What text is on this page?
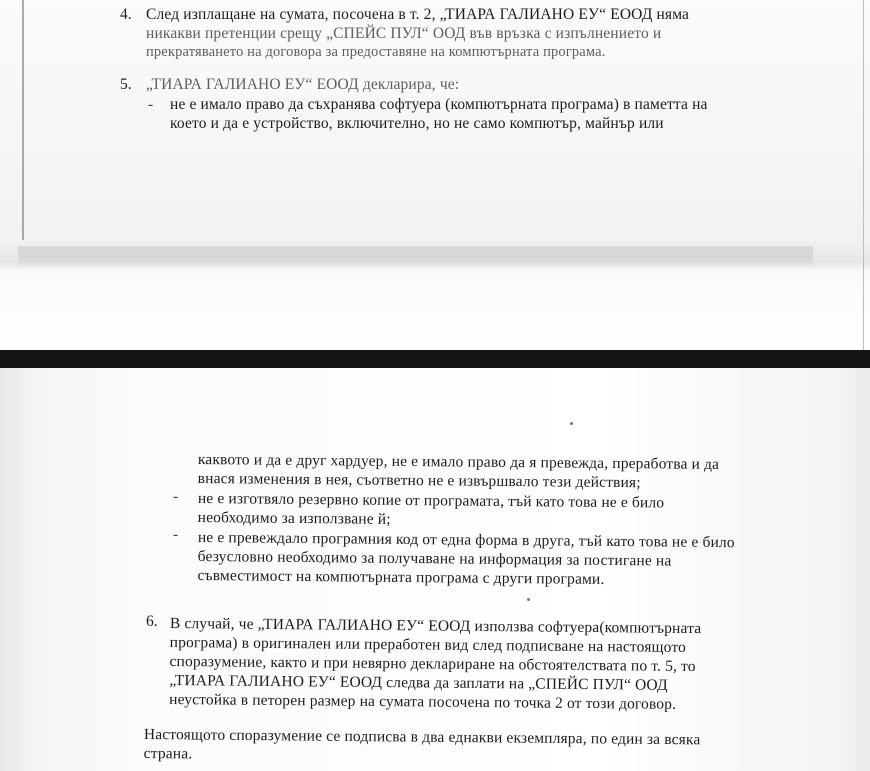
4. След изплащане на сумата, посочена в т. 2, „ТИАРА ГАЛИАНО ЕУ“ ЕООД няма
никакви претенции срещу „СПЕЙС ПУЛ“ ООД във връзка с изпълнението и
прекратяването на договора за предоставяне на компютърната програма.
5. „ТИАРА ГАЛИАНО ЕУ“ ЕООД декларира, че:
- не е имало право да съхранява софтуера (компютърната програма) в паметта на
което и да е устройство, включително, но не само компютър, майнър или
каквото и да е друг хардуер, не е имало право да я превежда, преработва и да
внася изменения в нея, съответно не е извършвало тези действия;
- не е изготвяло резервно копие от програмата, тъй като това не е било
необходимо за използване й;
- не е превеждало програмния код от една форма в друга, тъй като това не е било
безусловно необходимо за получаване на информация за постигане на
съвместимост на компютърната програма с други програми.
6. В случай, че „ТИАРА ГАЛИАНО ЕУ“ ЕООД използва софтуера(компютърната
програма) в оригинален или преработен вид след подписване на настоящото
споразумение, както и при невярно деклариране на обстоятелствата по т. 5, то
„ТИАРА ГАЛИАНО ЕУ“ ЕООД следва да заплати на „СПЕЙС ПУЛ“ ООД
неустойка в петорен размер на сумата посочена по точка 2 от този договор.
Настоящото споразумение се подписва в два еднакви екземпляра, по един за всяка
страна.
